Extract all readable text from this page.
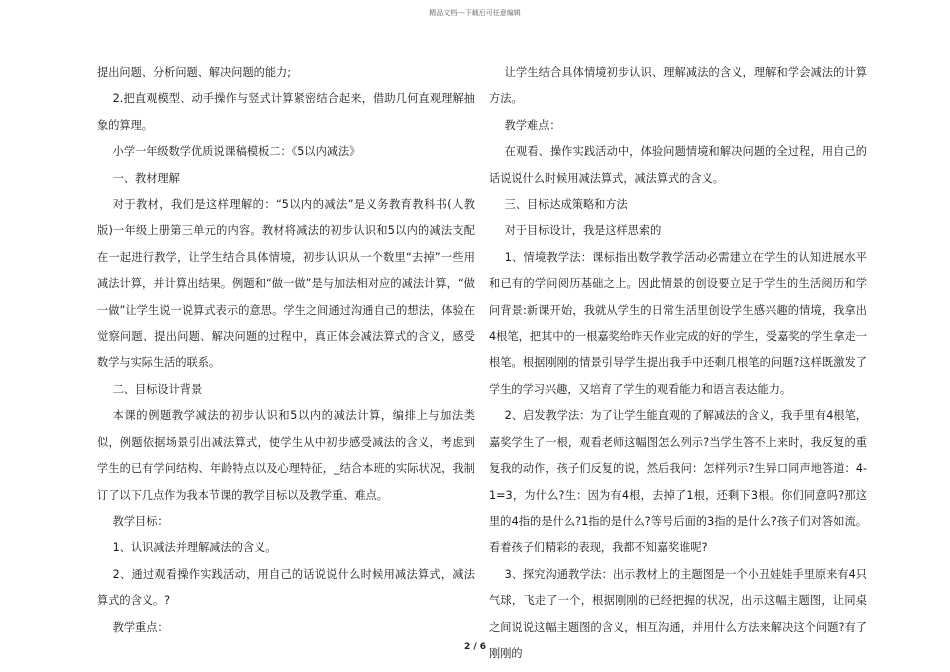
精品文档---下载后可任意编辑

提出问题、分析问题、解决问题的能力;

2.把直观模型、动手操作与竖式计算紧密结合起来，借助几何直观理解抽象的算理。

小学一年级数学优质说课稿模板二：《5以内减法》

一、教材理解

对于教材，我们是这样理解的：“5以内的减法”是义务教育教科书(人教版)一年级上册第三单元的内容。教材将减法的初步认识和5以内的减法支配在一起进行教学，让学生结合具体情境，初步认识从一个数里“去掉”一些用减法计算，并计算出结果。例题和“做一做”是与加法相对应的减法计算，“做一做”让学生说一说算式表示的意思。学生之间通过沟通自己的想法，体验在觉察问题、提出问题、解决问题的过程中，真正体会减法算式的含义，感受数学与实际生活的联系。

二、目标设计背景

本课的例题教学减法的初步认识和5以内的减法计算，编排上与加法类似，例题依据场景引出减法算式，使学生从中初步感受减法的含义，考虑到学生的已有学问结构、年龄特点以及心理特征，_结合本班的实际状况，我制订了以下几点作为我本节课的教学目标以及教学重、难点。

教学目标：

1、认识减法并理解减法的含义。

2、通过观看操作实践活动，用自己的话说说什么时候用减法算式，减法算式的含义。?

教学重点：

让学生结合具体情境初步认识、理解减法的含义，理解和学会减法的计算方法。

教学难点：

在观看、操作实践活动中，体验问题情境和解决问题的全过程，用自己的话说说什么时候用减法算式，减法算式的含义。

三、目标达成策略和方法

对于目标设计，我是这样思索的

1、情境教学法：课标指出数学教学活动必需建立在学生的认知进展水平和已有的学问阅历基础之上。因此情景的创设要立足于学生的生活阅历和学问背景:新课开始，我就从学生的日常生活里创设学生感兴趣的情境，我拿出4根笔，把其中的一根嘉奖给昨天作业完成的好的学生，受嘉奖的学生拿走一根笔。根据刚刚的情景引导学生提出我手中还剩几根笔的问题?这样既激发了学生的学习兴趣，又培育了学生的观看能力和语言表达能力。

2、启发教学法：为了让学生能直观的了解减法的含义，我手里有4根笔，嘉奖学生了一根，观看老师这幅图怎么列示?当学生答不上来时，我反复的重复我的动作，孩子们反复的说，然后我问：怎样列示?生异口同声地答道：4-1=3，为什么?生：因为有4根，去掉了1根，还剩下3根。你们同意吗?那这里的4指的是什么?1指的是什么?等号后面的3指的是什么?孩子们对答如流。看着孩子们精彩的表现，我都不知嘉奖谁呢?

3、探究沟通教学法：出示教材上的主题图是一个小丑娃娃手里原来有4只气球，飞走了一个，根据刚刚的已经把握的状况，出示这幅主题图，让同桌之间说说这幅主题图的含义，相互沟通，并用什么方法来解决这个问题?有了刚刚的

2 / 6
